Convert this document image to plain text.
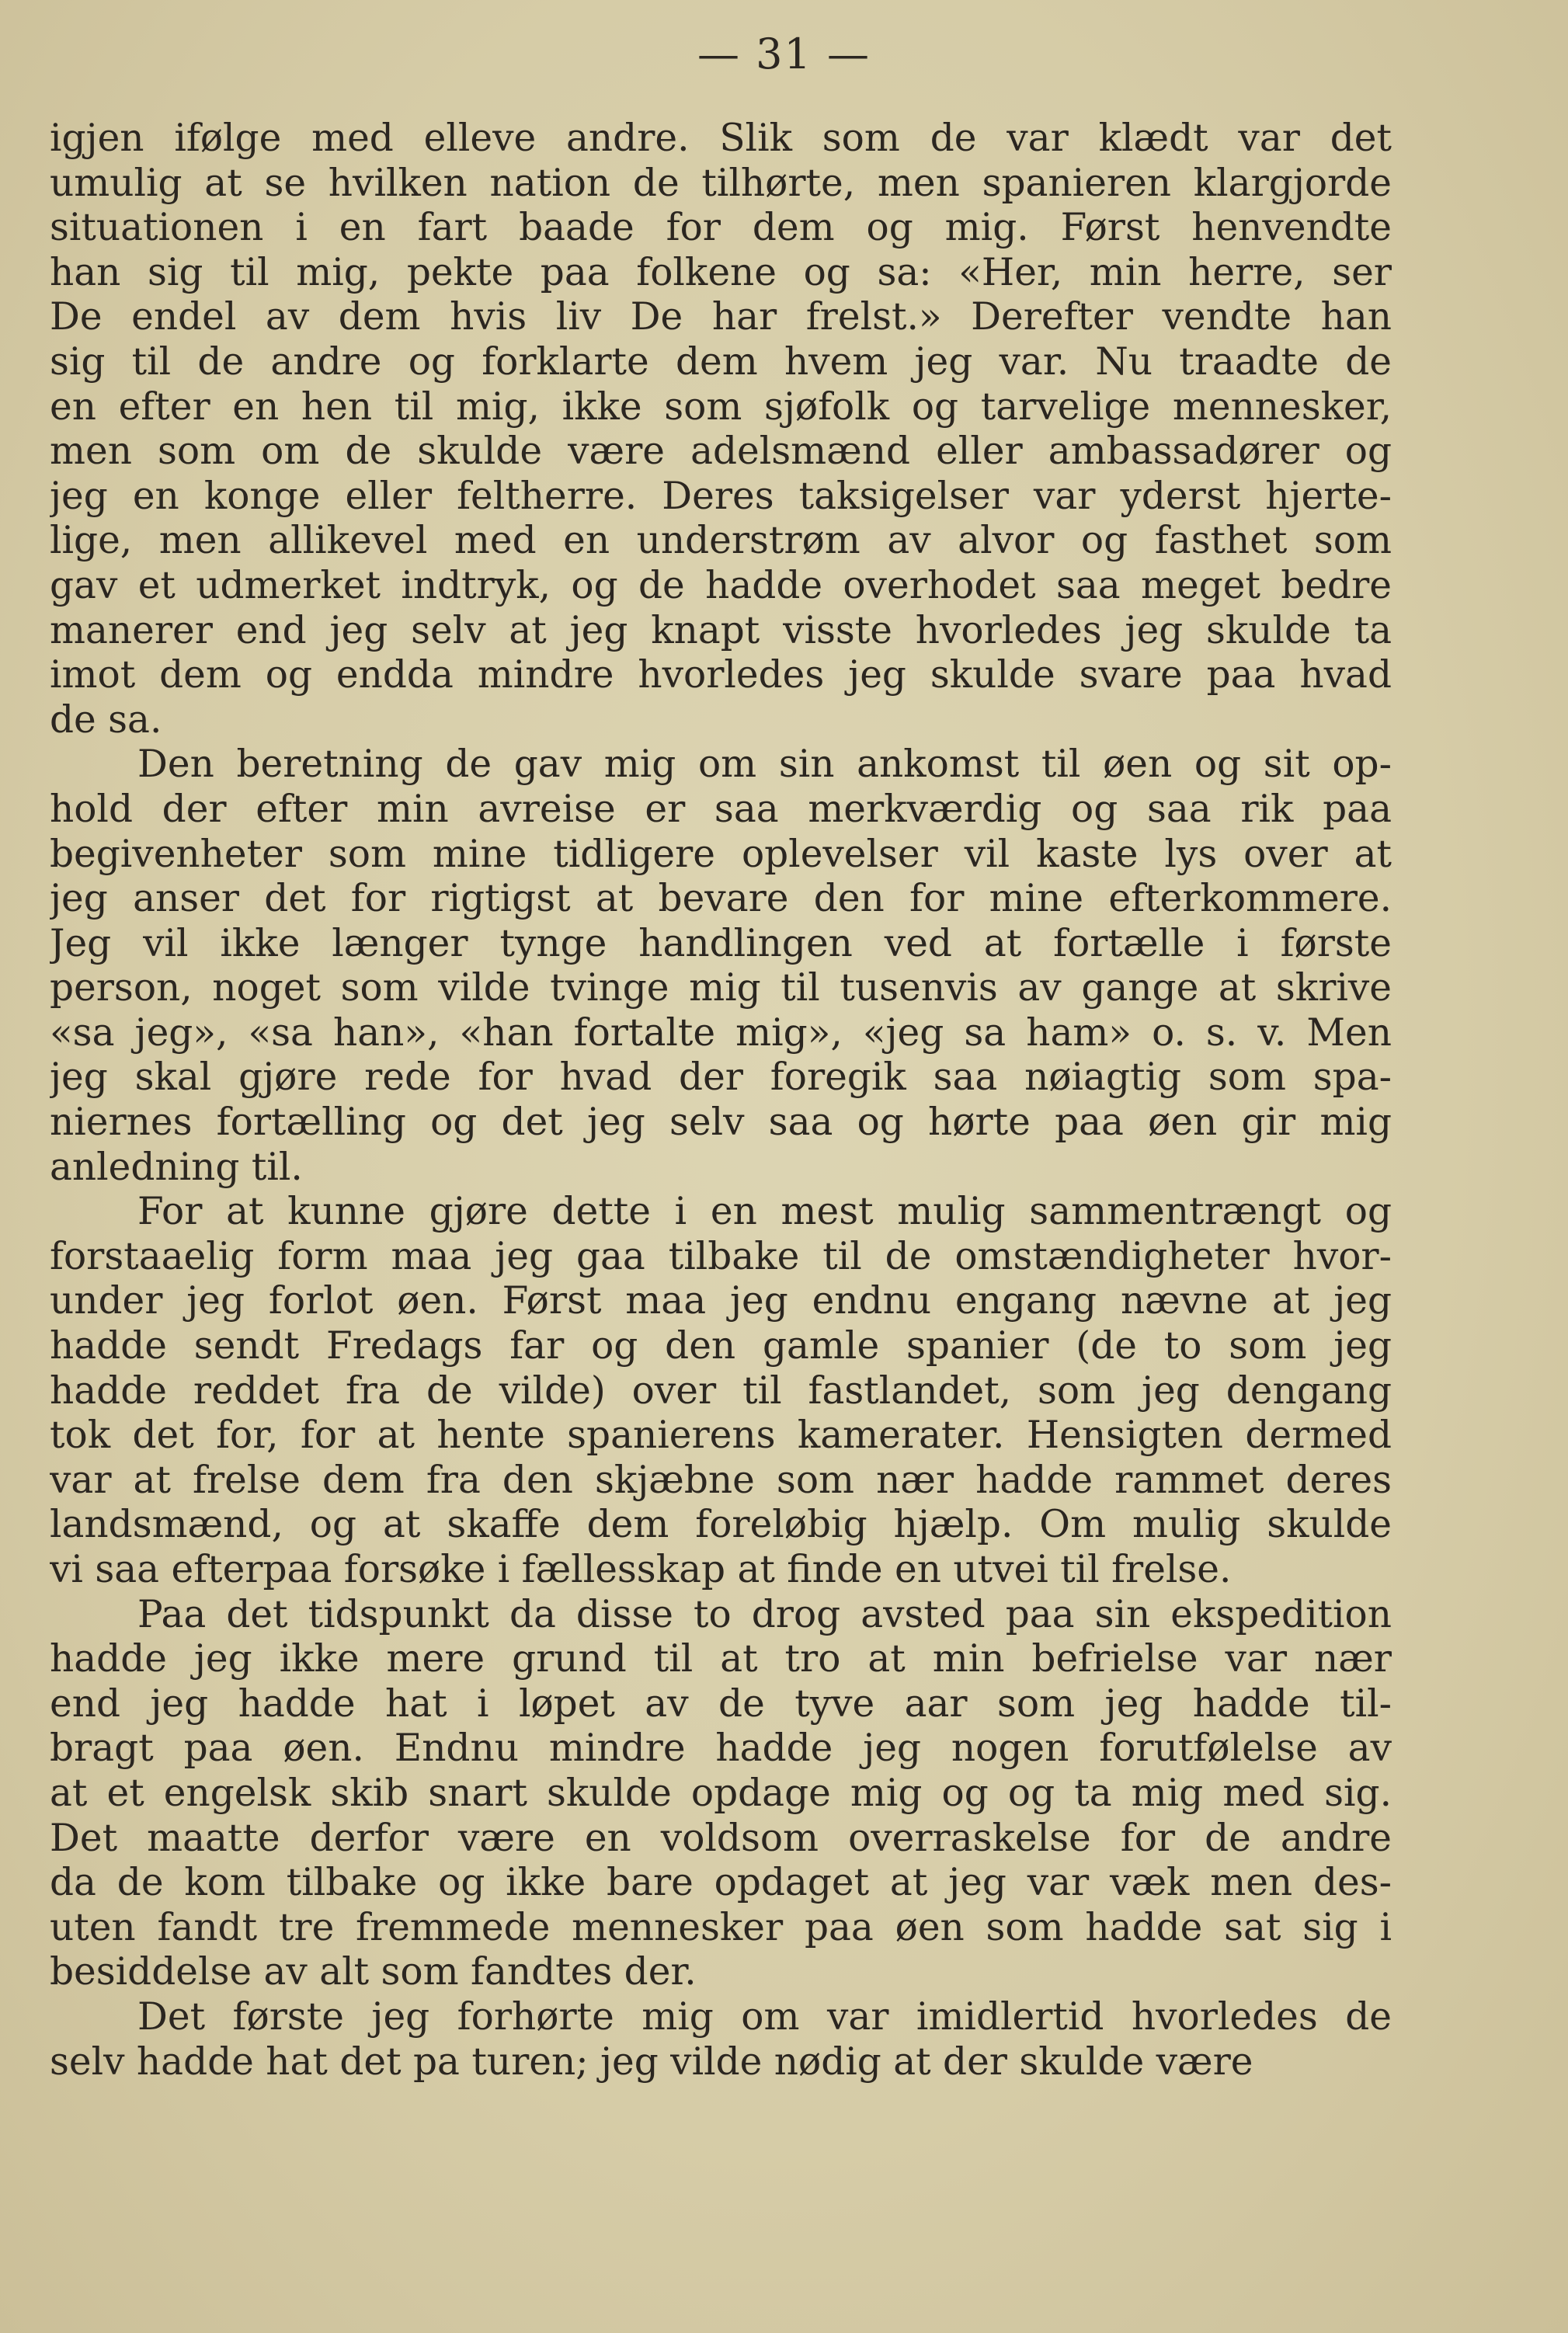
— 31 —
igjen ifølge med elleve andre. Slik som de var klædt var det
umulig at se hvilken nation de tilhørte, men spanieren klargjorde
situationen i en fart baade for dem og mig. Først henvendte
han sig til mig, pekte paa folkene og sa: «Her, min herre, ser
De endel av dem hvis liv De har frelst.» Derefter vendte han
sig til de andre og forklarte dem hvem jeg var. Nu traadte de
en efter en hen til mig, ikke som sjøfolk og tarvelige mennesker,
men som om de skulde være adelsmænd eller ambassadører og
jeg en konge eller feltherre. Deres taksigelser var yderst hjerte-
lige, men allikevel med en understrøm av alvor og fasthet som
gav et udmerket indtryk, og de hadde overhodet saa meget bedre
manerer end jeg selv at jeg knapt visste hvorledes jeg skulde ta
imot dem og endda mindre hvorledes jeg skulde svare paa hvad
de sa.
Den beretning de gav mig om sin ankomst til øen og sit op-
hold der efter min avreise er saa merkværdig og saa rik paa
begivenheter som mine tidligere oplevelser vil kaste lys over at
jeg anser det for rigtigst at bevare den for mine efterkommere.
Jeg vil ikke længer tynge handlingen ved at fortælle i første
person, noget som vilde tvinge mig til tusenvis av gange at skrive
«sa jeg», «sa han», «han fortalte mig», «jeg sa ham» o. s. v. Men
jeg skal gjøre rede for hvad der foregik saa nøiagtig som spa-
niernes fortælling og det jeg selv saa og hørte paa øen gir mig
anledning til.
For at kunne gjøre dette i en mest mulig sammentrængt og
forstaaelig form maa jeg gaa tilbake til de omstændigheter hvor-
under jeg forlot øen. Først maa jeg endnu engang nævne at jeg
hadde sendt Fredags far og den gamle spanier (de to som jeg
hadde reddet fra de vilde) over til fastlandet, som jeg dengang
tok det for, for at hente spanierens kamerater. Hensigten dermed
var at frelse dem fra den skjæbne som nær hadde rammet deres
landsmænd, og at skaffe dem foreløbig hjælp. Om mulig skulde
vi saa efterpaa forsøke i fællesskap at finde en utvei til frelse.
Paa det tidspunkt da disse to drog avsted paa sin ekspedition
hadde jeg ikke mere grund til at tro at min befrielse var nær
end jeg hadde hat i løpet av de tyve aar som jeg hadde til-
bragt paa øen. Endnu mindre hadde jeg nogen forutfølelse av
at et engelsk skib snart skulde opdage mig og og ta mig med sig.
Det maatte derfor være en voldsom overraskelse for de andre
da de kom tilbake og ikke bare opdaget at jeg var væk men des-
uten fandt tre fremmede mennesker paa øen som hadde sat sig i
besiddelse av alt som fandtes der.
Det første jeg forhørte mig om var imidlertid hvorledes de
selv hadde hat det pa turen; jeg vilde nødig at der skulde være
